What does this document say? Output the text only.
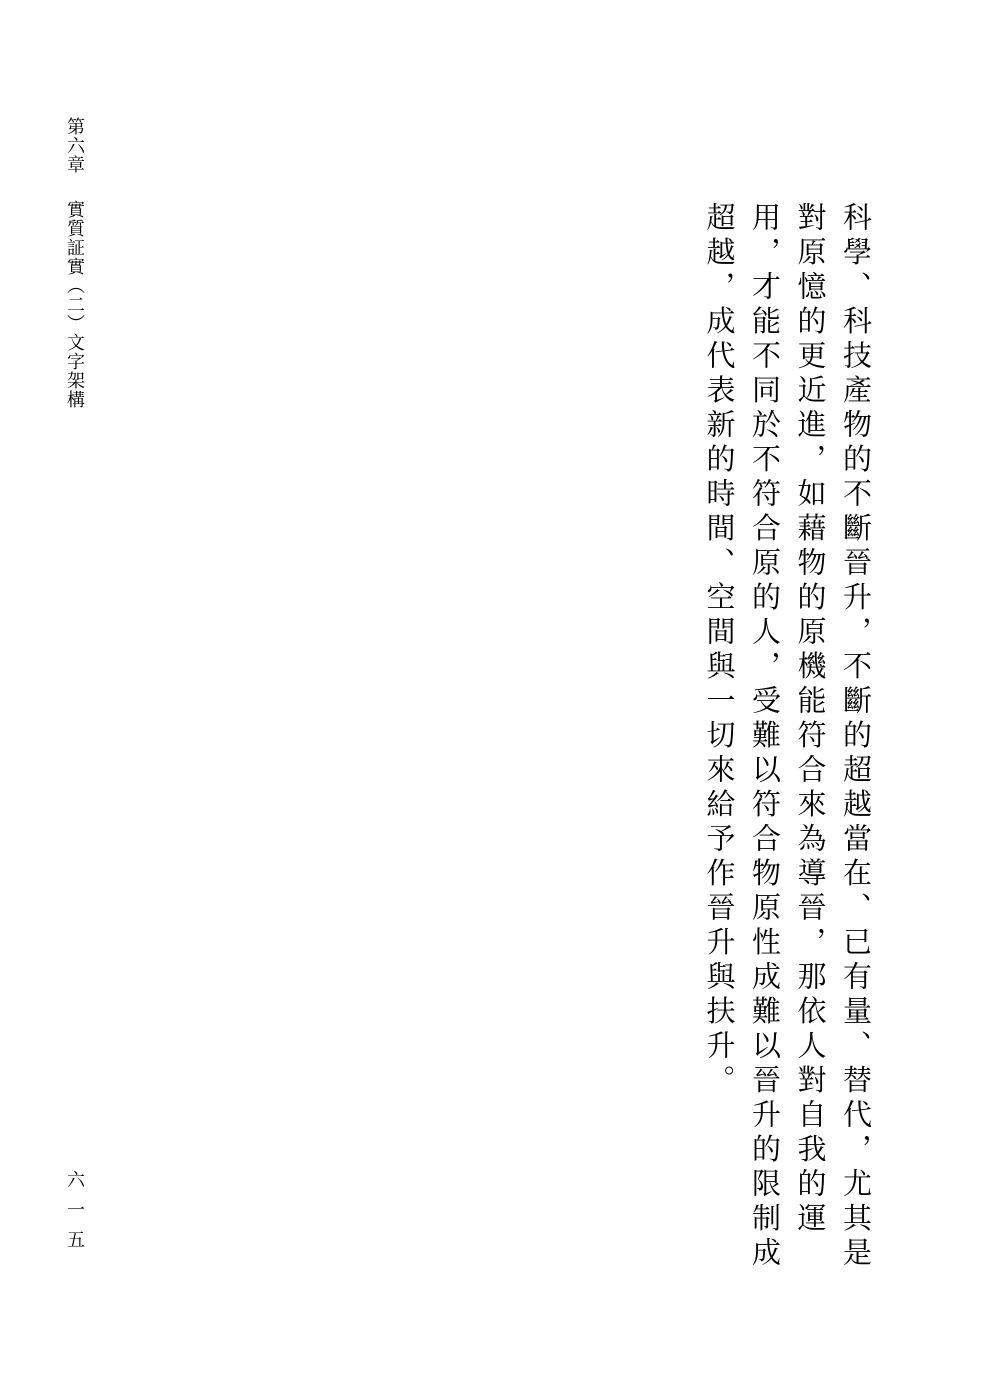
第六章實質証實（二）文字架構
六一五	科學、科技產物的不斷晉升，不斷的超越當在、已有量、替代，尤其是對原憶的更近進，如藉物的原機能符合來為導晉，那依人對自我的運用，才能不同於不符合原的人，受難以符合物原性成難以晉升的限制成超越，成代表新的時間、空間與一切來給予作晉升與扶升。
